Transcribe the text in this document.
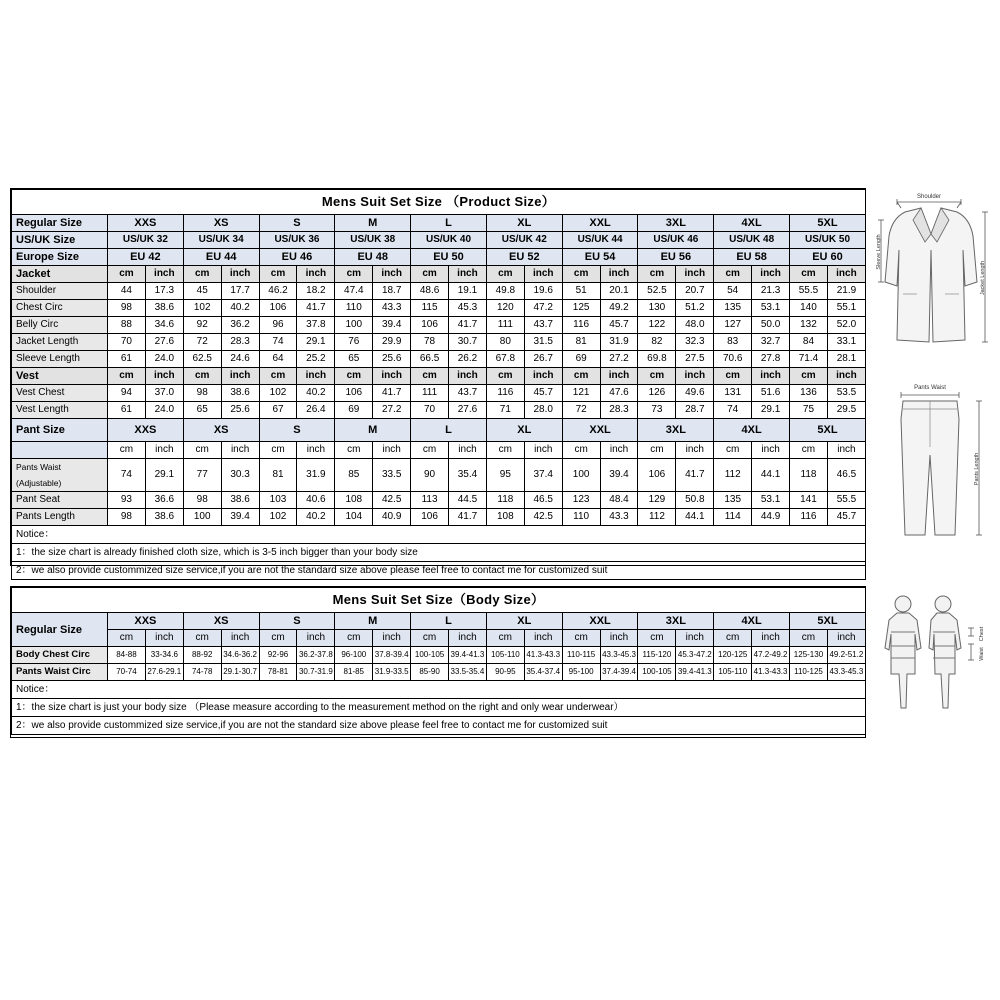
Mens Suit Set Size （Product Size）																				
Regular Size	XXS		XS		S		M		L		XL		XXL		3XL		4XL		5XL	
US/UK Size	US/UK 32		US/UK 34		US/UK 36		US/UK 38		US/UK 40		US/UK 42		US/UK 44		US/UK 46		US/UK 48		US/UK 50	
Europe Size	EU 42		EU 44		EU 46		EU 48		EU 50		EU 52		EU 54		EU 56		EU 58		EU 60	
Jacket	cm	inch	cm	inch	cm	inch	cm	inch	cm	inch	cm	inch	cm	inch	cm	inch	cm	inch	cm	inch
Shoulder	44	17.3	45	17.7	46.2	18.2	47.4	18.7	48.6	19.1	49.8	19.6	51	20.1	52.5	20.7	54	21.3	55.5	21.9
Chest Circ	98	38.6	102	40.2	106	41.7	110	43.3	115	45.3	120	47.2	125	49.2	130	51.2	135	53.1	140	55.1
Belly Circ	88	34.6	92	36.2	96	37.8	100	39.4	106	41.7	111	43.7	116	45.7	122	48.0	127	50.0	132	52.0
Jacket Length	70	27.6	72	28.3	74	29.1	76	29.9	78	30.7	80	31.5	81	31.9	82	32.3	83	32.7	84	33.1
Sleeve Length	61	24.0	62.5	24.6	64	25.2	65	25.6	66.5	26.2	67.8	26.7	69	27.2	69.8	27.5	70.6	27.8	71.4	28.1
Vest	cm	inch	cm	inch	cm	inch	cm	inch	cm	inch	cm	inch	cm	inch	cm	inch	cm	inch	cm	inch
Vest Chest	94	37.0	98	38.6	102	40.2	106	41.7	111	43.7	116	45.7	121	47.6	126	49.6	131	51.6	136	53.5
Vest Length	61	24.0	65	25.6	67	26.4	69	27.2	70	27.6	71	28.0	72	28.3	73	28.7	74	29.1	75	29.5
Pant Size	XXS		XS		S		M		L		XL		XXL		3XL		4XL		5XL	
	cm	inch	cm	inch	cm	inch	cm	inch	cm	inch	cm	inch	cm	inch	cm	inch	cm	inch	cm	inch
Pants Waist (Adjustable)	74	29.1	77	30.3	81	31.9	85	33.5	90	35.4	95	37.4	100	39.4	106	41.7	112	44.1	118	46.5
Pant Seat	93	36.6	98	38.6	103	40.6	108	42.5	113	44.5	118	46.5	123	48.4	129	50.8	135	53.1	141	55.5
Pants Length	98	38.6	100	39.4	102	40.2	104	40.9	106	41.7	108	42.5	110	43.3	112	44.1	114	44.9	116	45.7
Notice：																				
1：the size chart is already finished cloth size, which is 3-5 inch bigger than your body size																				
2：we also provide custommized size service,if you are not the standard size above please feel free to contact me for customized suit																				
Mens Suit Set Size（Body Size）																				
Regular Size	XXS		XS		S		M		L		XL		XXL		3XL		4XL		5XL	
	cm	inch	cm	inch	cm	inch	cm	inch	cm	inch	cm	inch	cm	inch	cm	inch	cm	inch	cm	inch
Body Chest Circ	84-88	33-34.6	88-92	34.6-36.2	92-96	36.2-37.8	96-100	37.8-39.4	100-105	39.4-41.3	105-110	41.3-43.3	110-115	43.3-45.3	115-120	45.3-47.2	120-125	47.2-49.2	125-130	49.2-51.2
Pants Waist Circ	70-74	27.6-29.1	74-78	29.1-30.7	78-81	30.7-31.9	81-85	31.9-33.5	85-90	33.5-35.4	90-95	35.4-37.4	95-100	37.4-39.4	100-105	39.4-41.3	105-110	41.3-43.3	110-125	43.3-45.3
Notice：																				
1：the size chart is just your body size （Please measure according to the measurement method on the right and only wear underwear）																				
2：we also provide custommized size service,if you are not the standard size above please feel free to contact me for customized suit																				
Shoulder
Sleeve Length
Jacket Length
Pants Waist
Pants Length
Chest
Waist
